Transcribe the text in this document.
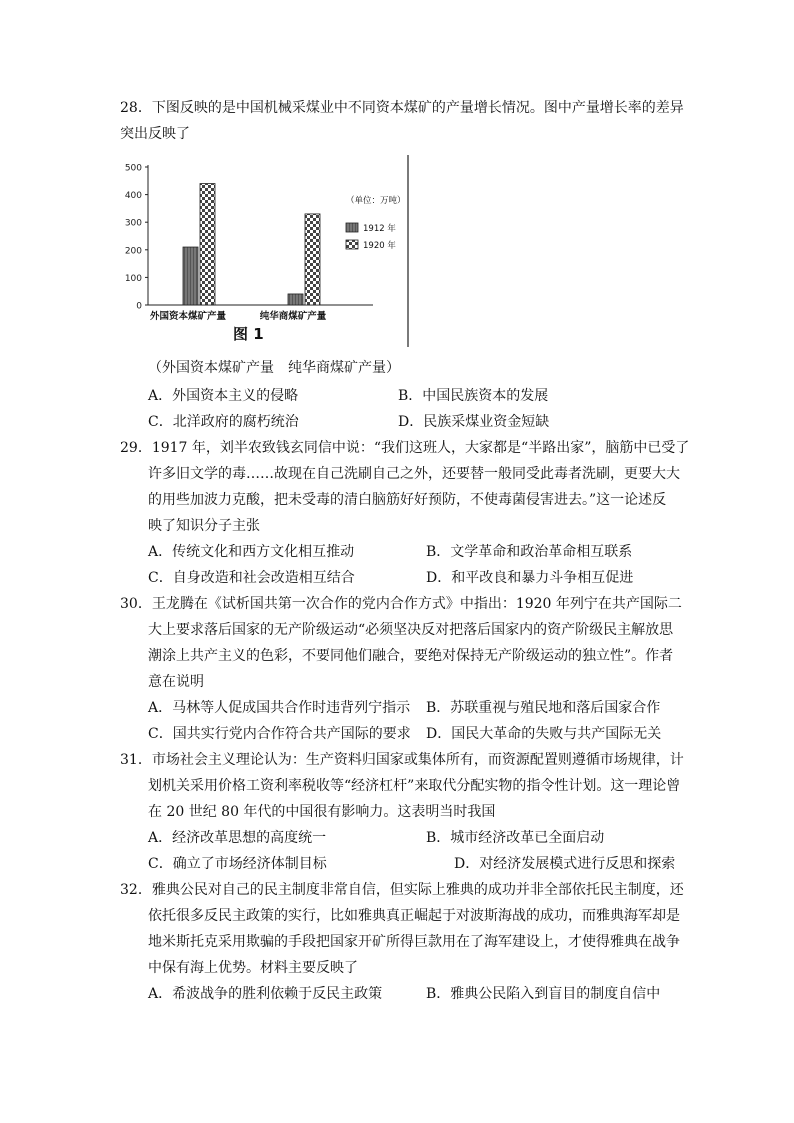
28．下图反映的是中国机械采煤业中不同资本煤矿的产量增长情况。图中产量增长率的差异
突出反映了
0
100
200
300
400
500
外国资本煤矿产量	纯华商煤矿产量
（单位：万吨）
1912 年
1920 年
图 1
（外国资本煤矿产量　纯华商煤矿产量）
A．外国资本主义的侵略	B．中国民族资本的发展
C．北洋政府的腐朽统治	D．民族采煤业资金短缺
29．1917 年，刘半农致钱玄同信中说：“我们这班人，大家都是“半路出家”，脑筋中已受了
许多旧文学的毒……故现在自己洗刷自己之外，还要替一般同受此毒者洗刷，更要大大
的用些加波力克酸，把未受毒的清白脑筋好好预防，不使毒菌侵害进去。”这一论述反
映了知识分子主张
A．传统文化和西方文化相互推动	B．文学革命和政治革命相互联系
C．自身改造和社会改造相互结合	D．和平改良和暴力斗争相互促进
30．王龙腾在《试析国共第一次合作的党内合作方式》中指出：1920 年列宁在共产国际二
大上要求落后国家的无产阶级运动“必须坚决反对把落后国家内的资产阶级民主解放思
潮涂上共产主义的色彩，不要同他们融合，要绝对保持无产阶级运动的独立性”。作者
意在说明
A．马林等人促成国共合作时违背列宁指示 B．苏联重视与殖民地和落后国家合作
C．国共实行党内合作符合共产国际的要求 D．国民大革命的失败与共产国际无关
31．市场社会主义理论认为：生产资料归国家或集体所有，而资源配置则遵循市场规律，计
划机关采用价格工资利率税收等“经济杠杆”来取代分配实物的指令性计划。这一理论曾
在 20 世纪 80 年代的中国很有影响力。这表明当时我国
A．经济改革思想的高度统一	B．城市经济改革已全面启动
C．确立了市场经济体制目标	D．对经济发展模式进行反思和探索
32．雅典公民对自己的民主制度非常自信，但实际上雅典的成功并非全部依托民主制度，还
依托很多反民主政策的实行，比如雅典真正崛起于对波斯海战的成功，而雅典海军却是
地米斯托克采用欺骗的手段把国家开矿所得巨款用在了海军建设上，才使得雅典在战争
中保有海上优势。材料主要反映了
A．希波战争的胜利依赖于反民主政策	B．雅典公民陷入到盲目的制度自信中
